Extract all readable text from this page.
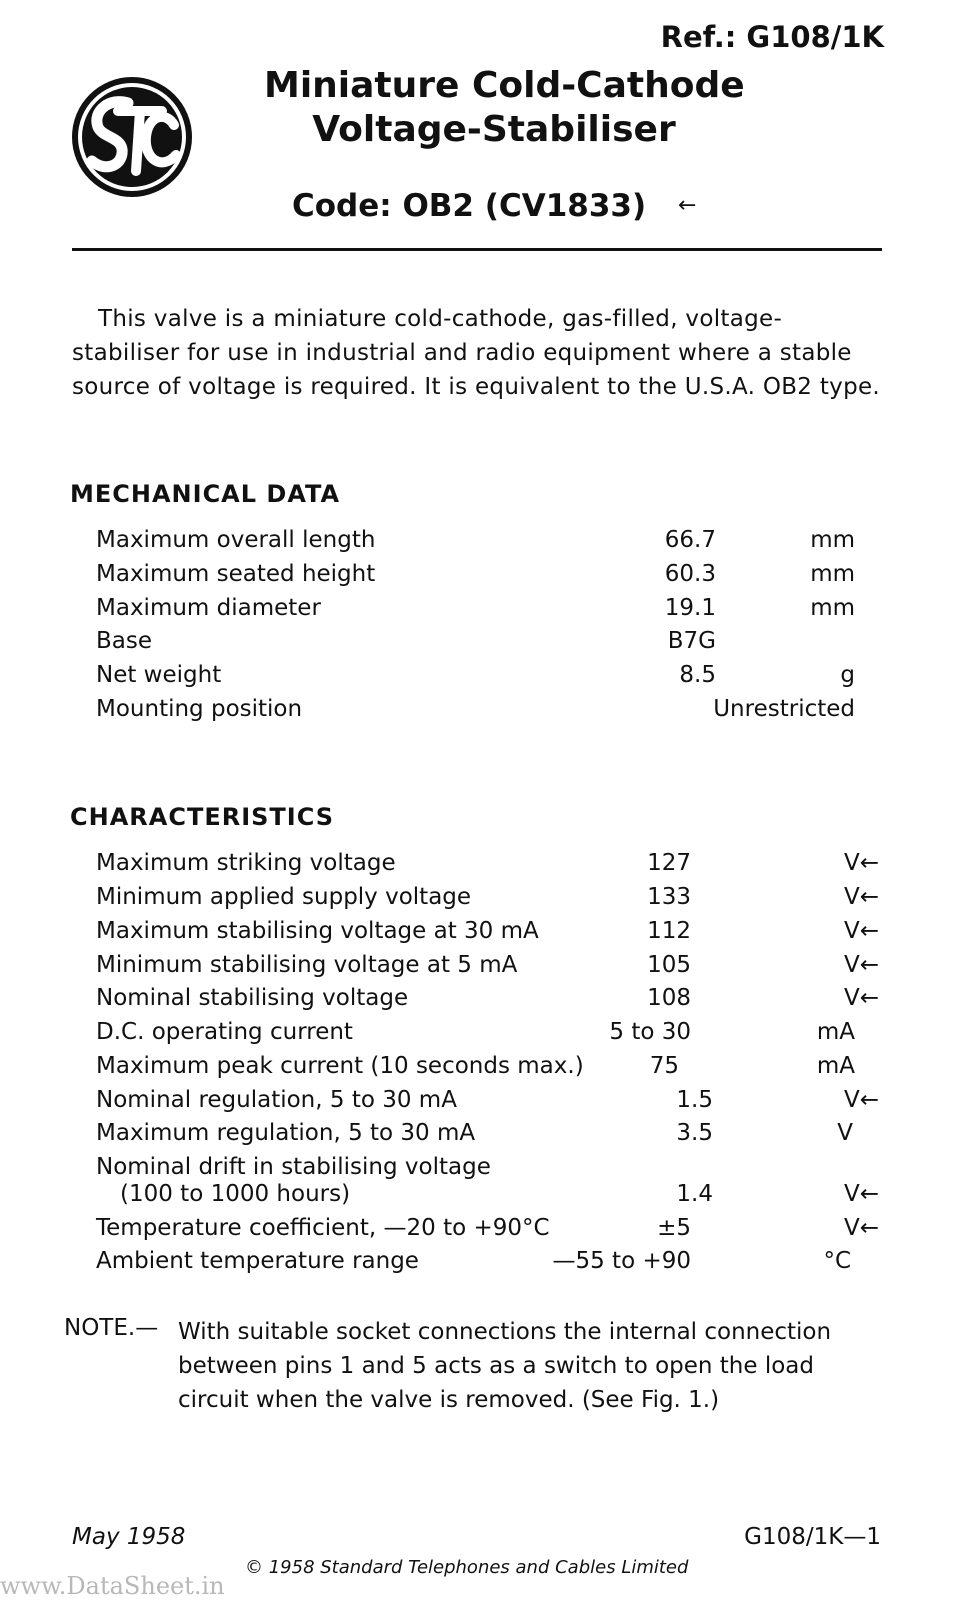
Ref.: G108/1K
Miniature Cold-Cathode
Voltage-Stabiliser
Code: OB2 (CV1833) ←
This valve is a miniature cold-cathode, gas-filled, voltage-stabiliser for use in industrial and radio equipment where a stable source of voltage is required. It is equivalent to the U.S.A. OB2 type.
MECHANICAL DATA
Maximum overall length	66.7	mm
Maximum seated height	60.3	mm
Maximum diameter	19.1	mm
Base	B7G
Net weight	8.5	g
Mounting position	Unrestricted
CHARACTERISTICS
Maximum striking voltage	127	V←
Minimum applied supply voltage	133	V←
Maximum stabilising voltage at 30 mA	112	V←
Minimum stabilising voltage at 5 mA	105	V←
Nominal stabilising voltage	108	V←
D.C. operating current	5 to 30	mA
Maximum peak current (10 seconds max.)	75	mA
Nominal regulation, 5 to 30 mA	1.5	V←
Maximum regulation, 5 to 30 mA	3.5	V
Nominal drift in stabilising voltage
(100 to 1000 hours)	1.4	V←
Temperature coefficient, —20 to +90°C	±5	V←
Ambient temperature range	—55 to +90	°C
NOTE.— With suitable socket connections the internal connection between pins 1 and 5 acts as a switch to open the load circuit when the valve is removed. (See Fig. 1.)
May 1958	G108/1K—1
© 1958 Standard Telephones and Cables Limited
www.DataSheet.in
